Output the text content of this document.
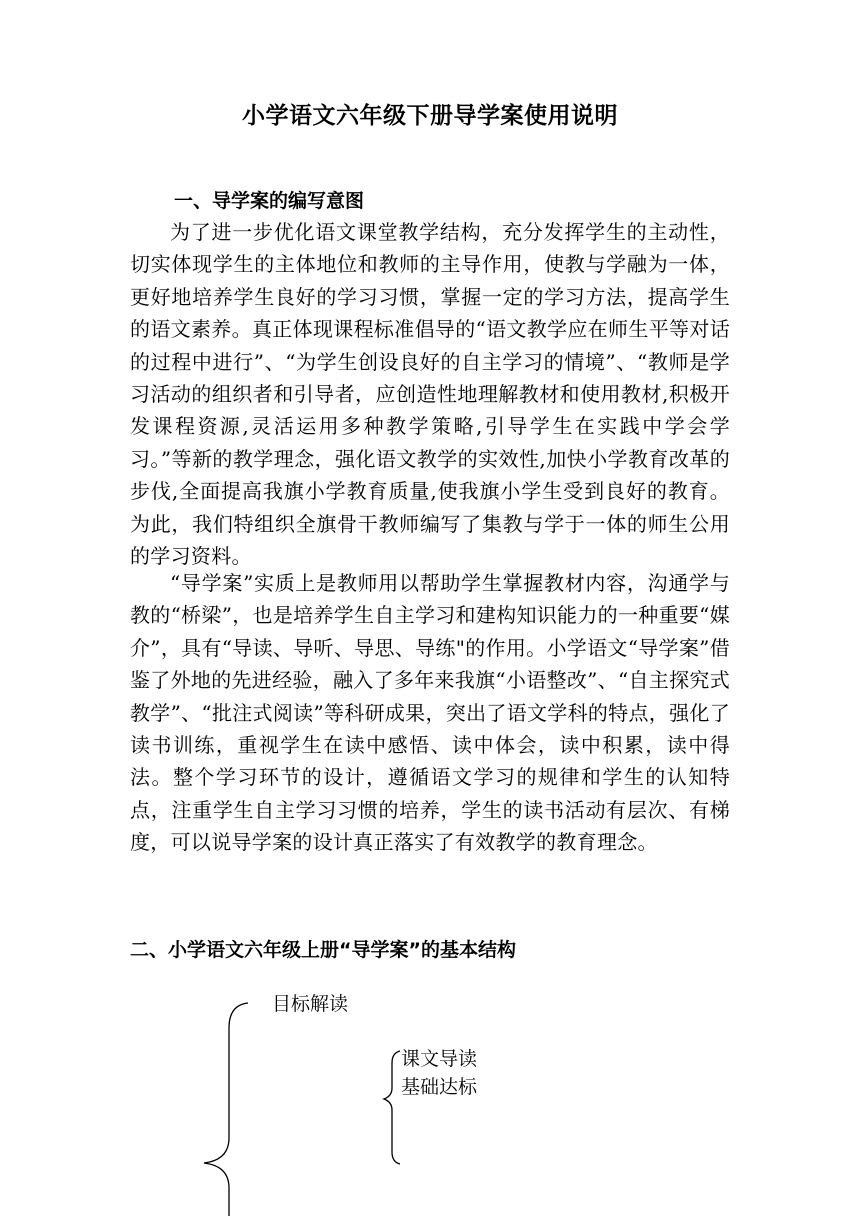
小学语文六年级下册导学案使用说明
一、导学案的编写意图

为了进一步优化语文课堂教学结构，充分发挥学生的主动性，切实体现学生的主体地位和教师的主导作用，使教与学融为一体，更好地培养学生良好的学习习惯，掌握一定的学习方法，提高学生的语文素养。真正体现课程标准倡导的“语文教学应在师生平等对话的过程中进行”、“为学生创设良好的自主学习的情境”、“教师是学习活动的组织者和引导者，应创造性地理解教材和使用教材,积极开发课程资源,灵活运用多种教学策略,引导学生在实践中学会学习。”等新的教学理念，强化语文教学的实效性,加快小学教育改革的步伐,全面提高我旗小学教育质量,使我旗小学生受到良好的教育。为此，我们特组织全旗骨干教师编写了集教与学于一体的师生公用的学习资料。

“导学案”实质上是教师用以帮助学生掌握教材内容，沟通学与教的“桥梁”，也是培养学生自主学习和建构知识能力的一种重要“媒介”，具有“导读、导听、导思、导练"的作用。小学语文“导学案”借鉴了外地的先进经验，融入了多年来我旗“小语整改”、“自主探究式教学”、“批注式阅读”等科研成果，突出了语文学科的特点，强化了读书训练，重视学生在读中感悟、读中体会，读中积累，读中得法。整个学习环节的设计，遵循语文学习的规律和学生的认知特点，注重学生自主学习习惯的培养，学生的读书活动有层次、有梯度，可以说导学案的设计真正落实了有效教学的教育理念。

二、小学语文六年级上册“导学案”的基本结构
目标解读
课文导读
基础达标
